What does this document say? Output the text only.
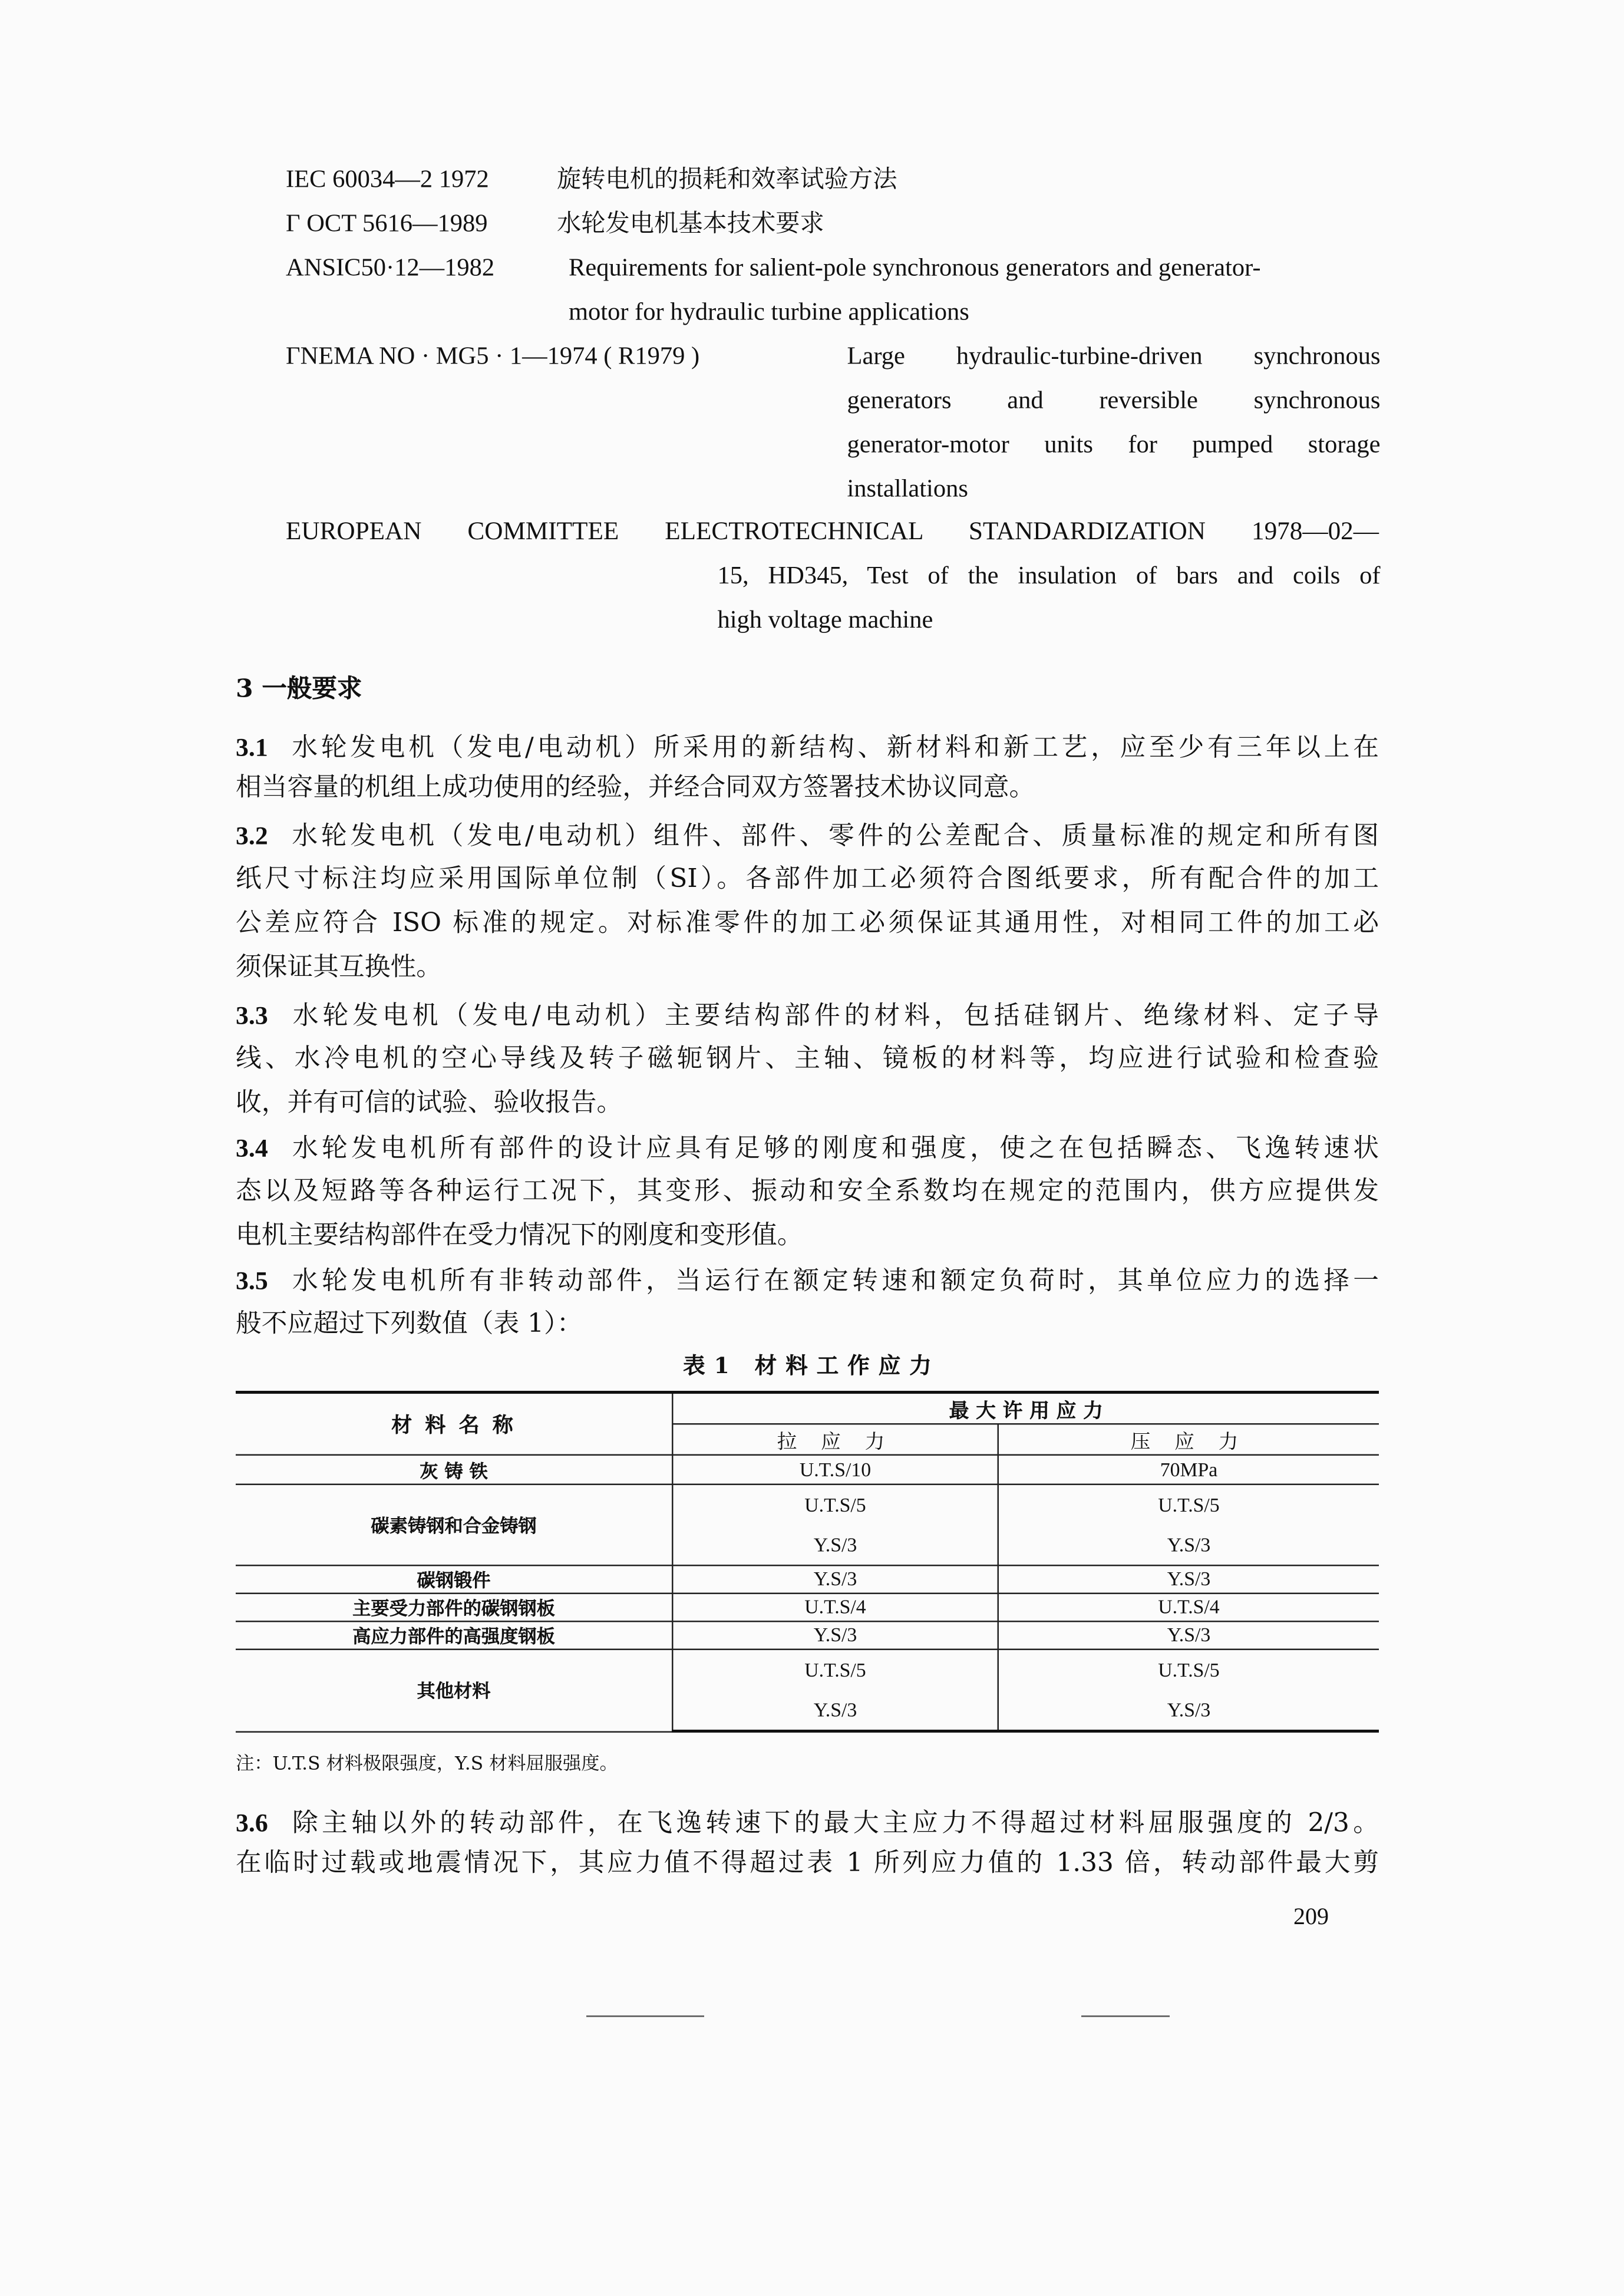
IEC 60034—2 1972	旋转电机的损耗和效率试验方法
Γ OCT 5616—1989	水轮发电机基本技术要求
ANSIC50·12—1982	Requirements for salient-pole synchronous generators and generator-
motor for hydraulic turbine applications
ΓNEMA NO · MG5 · 1—1974 ( R1979 )	Large hydraulic-turbine-driven synchronous
generators and reversible synchronous
generator-motor units for pumped storage
installations
EUROPEAN COMMITTEE ELECTROTECHNICAL STANDARDIZATION 1978—02—
15, HD345, Test of the insulation of bars and coils of
high voltage machine
3 一般要求
3.1 水轮发电机（发电/电动机）所采用的新结构、新材料和新工艺，应至少有三年以上在
相当容量的机组上成功使用的经验，并经合同双方签署技术协议同意。
3.2 水轮发电机（发电/电动机）组件、部件、零件的公差配合、质量标准的规定和所有图
纸尺寸标注均应采用国际单位制（SI）。各部件加工必须符合图纸要求，所有配合件的加工
公差应符合 ISO 标准的规定。对标准零件的加工必须保证其通用性，对相同工件的加工必
须保证其互换性。
3.3 水轮发电机（发电/电动机）主要结构部件的材料，包括硅钢片、绝缘材料、定子导
线、水冷电机的空心导线及转子磁轭钢片、主轴、镜板的材料等，均应进行试验和检查验
收，并有可信的试验、验收报告。
3.4 水轮发电机所有部件的设计应具有足够的刚度和强度，使之在包括瞬态、飞逸转速状
态以及短路等各种运行工况下，其变形、振动和安全系数均在规定的范围内，供方应提供发
电机主要结构部件在受力情况下的刚度和变形值。
3.5 水轮发电机所有非转动部件，当运行在额定转速和额定负荷时，其单位应力的选择一
般不应超过下列数值（表 1）：
表1 材料工作应力
材 料 名 称	最 大 许 用 应 力	

	拉 应 力	压 应 力
灰 铸 铁	U.T.S/10	70MPa
碳素铸钢和合金铸钢	U.T.S/5	U.T.S/5
	Y.S/3	Y.S/3
碳钢锻件	Y.S/3	Y.S/3
主要受力部件的碳钢钢板	U.T.S/4	U.T.S/4
高应力部件的高强度钢板	Y.S/3	Y.S/3
其他材料	U.T.S/5	U.T.S/5
	Y.S/3	Y.S/3
注：U.T.S 材料极限强度，Y.S 材料屈服强度。
3.6 除主轴以外的转动部件，在飞逸转速下的最大主应力不得超过材料屈服强度的 2/3。
在临时过载或地震情况下，其应力值不得超过表 1 所列应力值的 1.33 倍，转动部件最大剪
209
